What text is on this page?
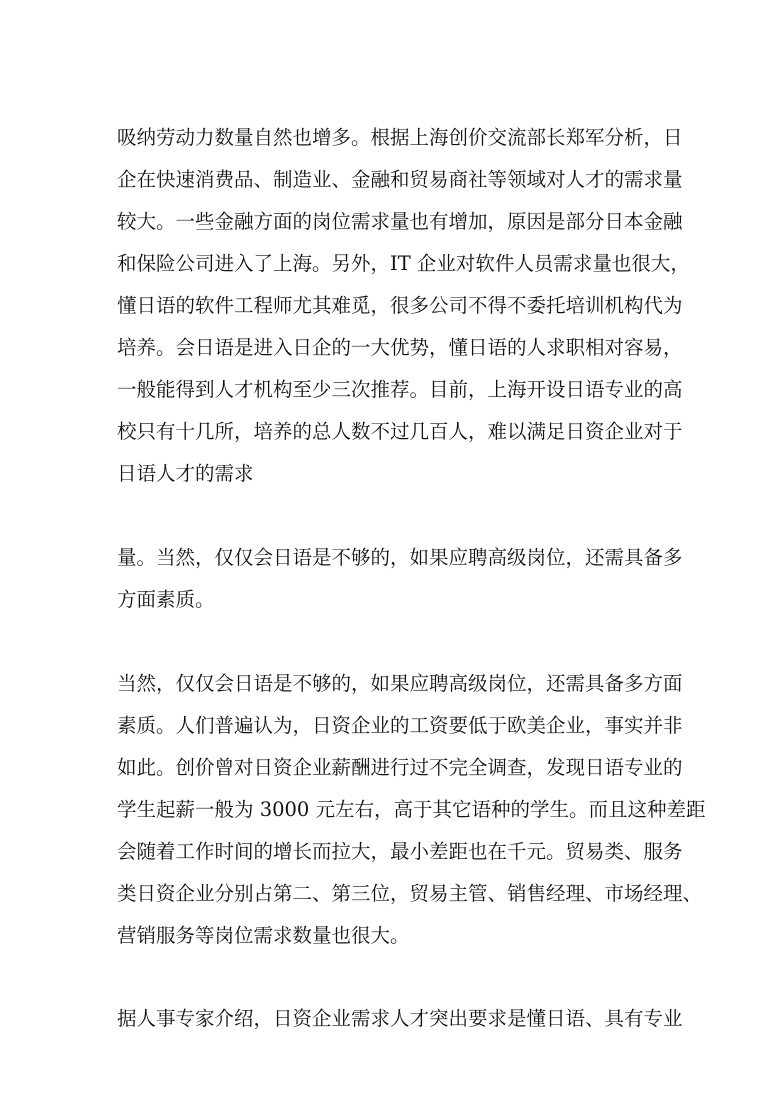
吸纳劳动力数量自然也增多。根据上海创价交流部长郑军分析，日
企在快速消费品、制造业、金融和贸易商社等领域对人才的需求量
较大。一些金融方面的岗位需求量也有增加，原因是部分日本金融
和保险公司进入了上海。另外，IT 企业对软件人员需求量也很大，
懂日语的软件工程师尤其难觅，很多公司不得不委托培训机构代为
培养。会日语是进入日企的一大优势，懂日语的人求职相对容易，
一般能得到人才机构至少三次推荐。目前，上海开设日语专业的高
校只有十几所，培养的总人数不过几百人，难以满足日资企业对于
日语人才的需求
量。当然，仅仅会日语是不够的，如果应聘高级岗位，还需具备多
方面素质。
当然，仅仅会日语是不够的，如果应聘高级岗位，还需具备多方面
素质。人们普遍认为，日资企业的工资要低于欧美企业，事实并非
如此。创价曾对日资企业薪酬进行过不完全调查，发现日语专业的
学生起薪一般为 3000 元左右，高于其它语种的学生。而且这种差距
会随着工作时间的增长而拉大，最小差距也在千元。贸易类、服务
类日资企业分别占第二、第三位，贸易主管、销售经理、市场经理、
营销服务等岗位需求数量也很大。
据人事专家介绍，日资企业需求人才突出要求是懂日语、具有专业
